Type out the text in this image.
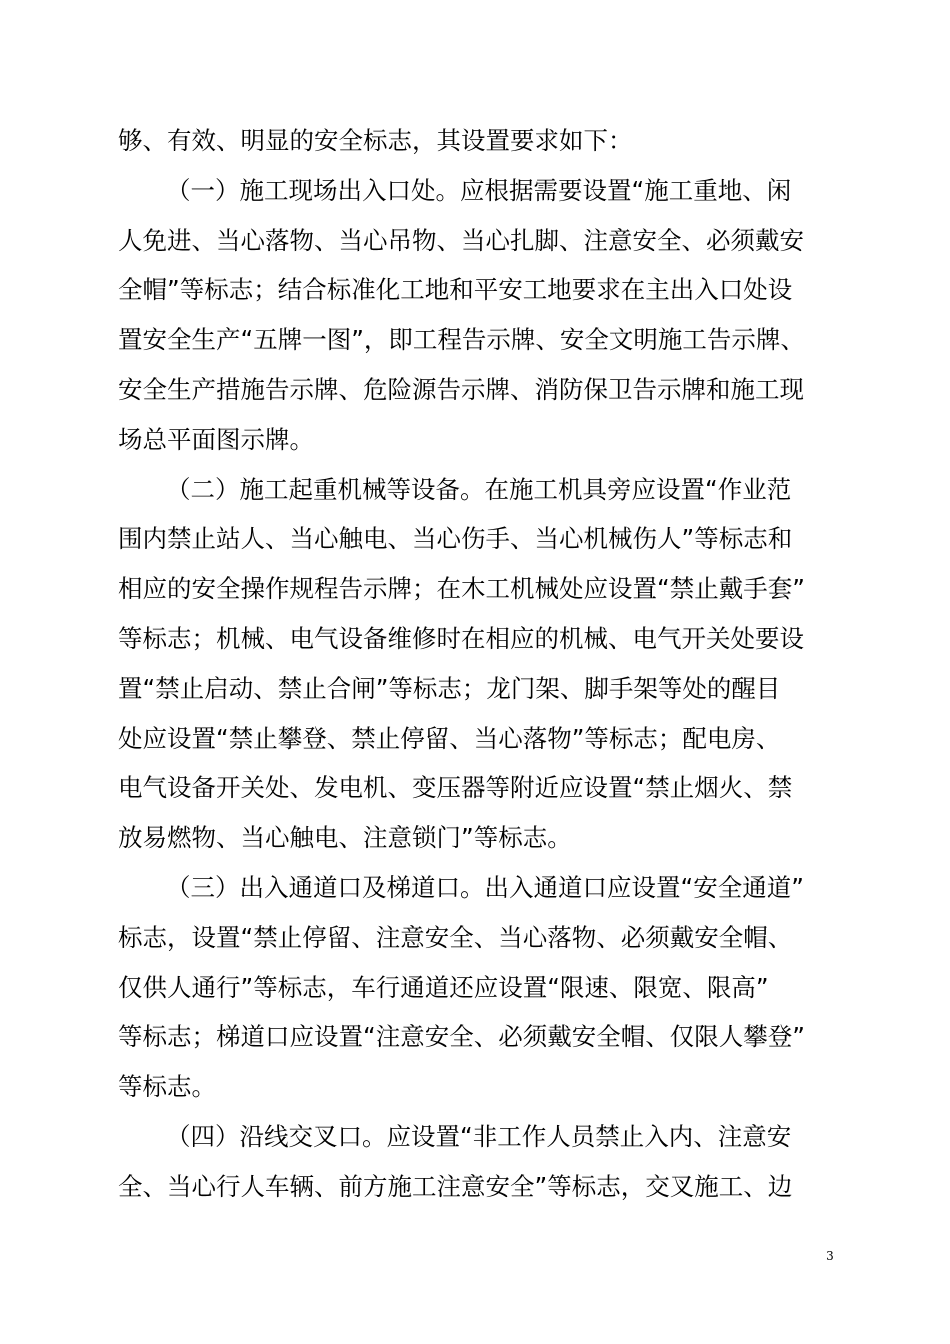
够、有效、明显的安全标志，其设置要求如下：
（一）施工现场出入口处。应根据需要设置“施工重地、闲
人免进、当心落物、当心吊物、当心扎脚、注意安全、必须戴安
全帽”等标志；结合标准化工地和平安工地要求在主出入口处设
置安全生产“五牌一图”，即工程告示牌、安全文明施工告示牌、
安全生产措施告示牌、危险源告示牌、消防保卫告示牌和施工现
场总平面图示牌。
（二）施工起重机械等设备。在施工机具旁应设置“作业范
围内禁止站人、当心触电、当心伤手、当心机械伤人”等标志和
相应的安全操作规程告示牌；在木工机械处应设置“禁止戴手套”
等标志；机械、电气设备维修时在相应的机械、电气开关处要设
置“禁止启动、禁止合闸”等标志；龙门架、脚手架等处的醒目
处应设置“禁止攀登、禁止停留、当心落物”等标志；配电房、
电气设备开关处、发电机、变压器等附近应设置“禁止烟火、禁
放易燃物、当心触电、注意锁门”等标志。
（三）出入通道口及梯道口。出入通道口应设置“安全通道”
标志，设置“禁止停留、注意安全、当心落物、必须戴安全帽、
仅供人通行”等标志，车行通道还应设置“限速、限宽、限高”
等标志；梯道口应设置“注意安全、必须戴安全帽、仅限人攀登”
等标志。
（四）沿线交叉口。应设置“非工作人员禁止入内、注意安
全、当心行人车辆、前方施工注意安全”等标志，交叉施工、边
3
